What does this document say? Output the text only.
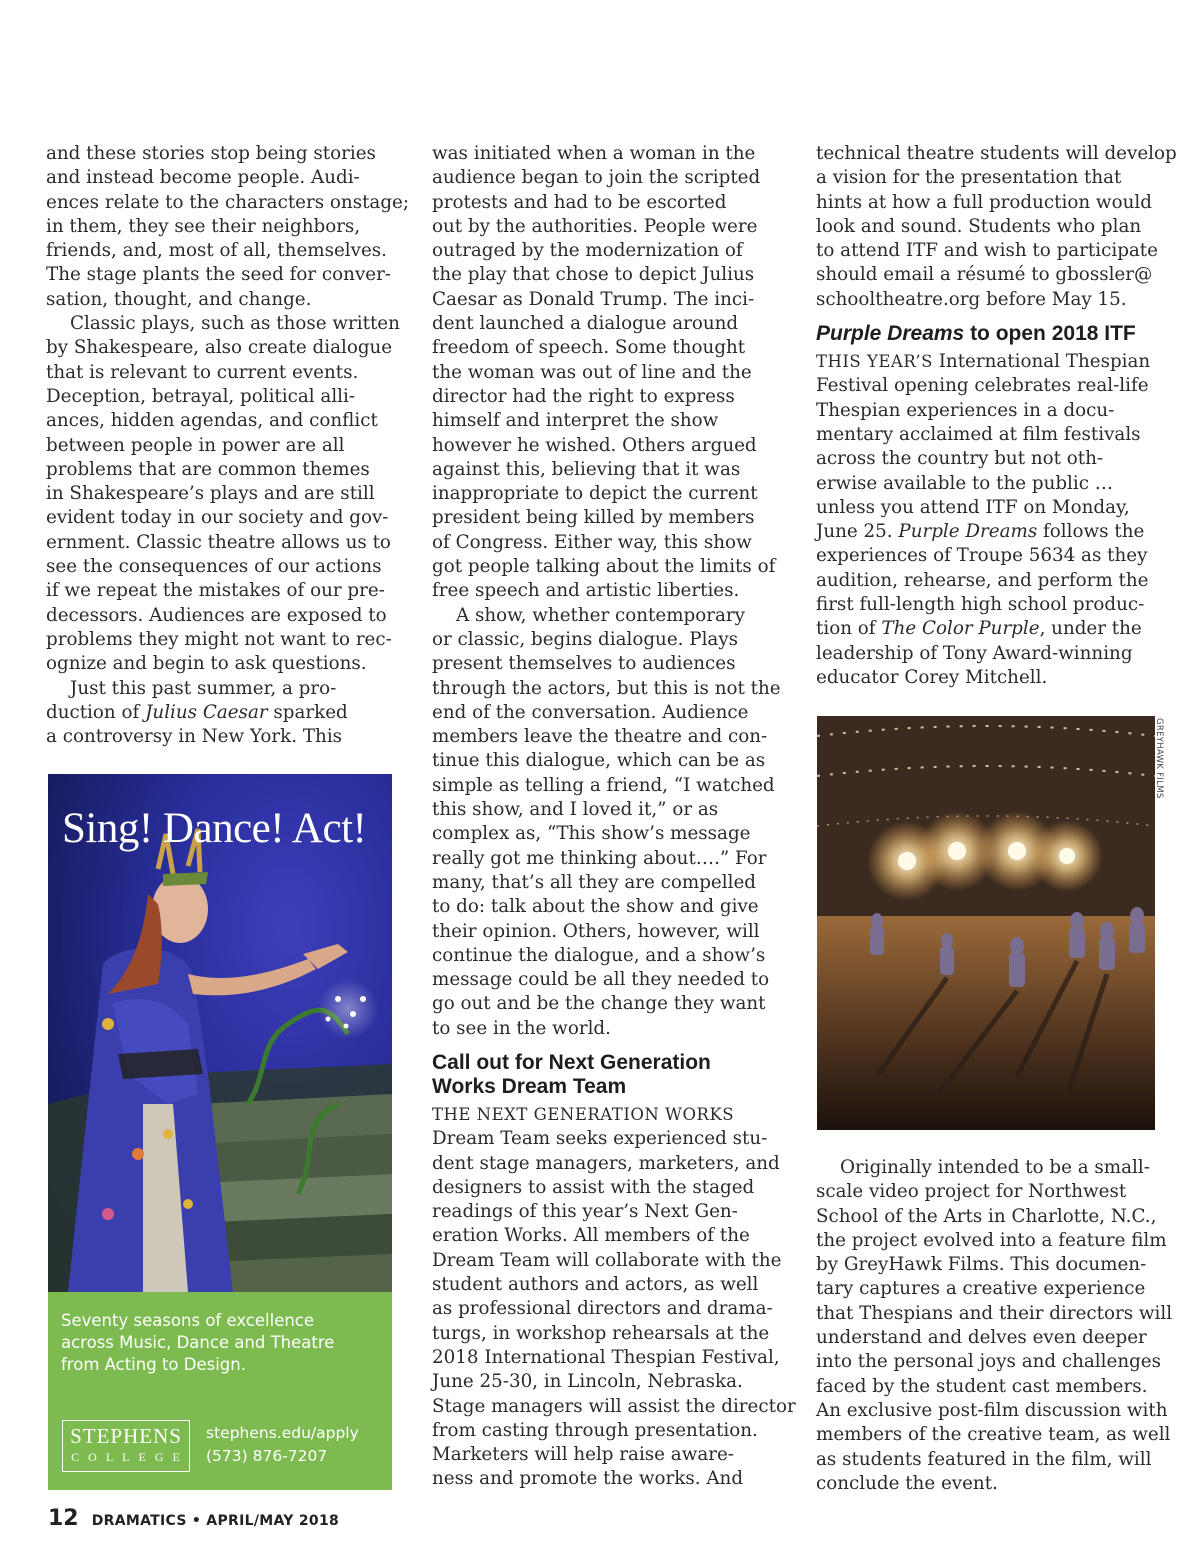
and these stories stop being stories
and instead become people. Audi-
ences relate to the characters onstage;
in them, they see their neighbors,
friends, and, most of all, themselves.
The stage plants the seed for conver-
sation, thought, and change.

Classic plays, such as those written
by Shakespeare, also create dialogue
that is relevant to current events.
Deception, betrayal, political alli-
ances, hidden agendas, and conflict
between people in power are all
problems that are common themes
in Shakespeare’s plays and are still
evident today in our society and gov-
ernment. Classic theatre allows us to
see the consequences of our actions
if we repeat the mistakes of our pre-
decessors. Audiences are exposed to
problems they might not want to rec-
ognize and begin to ask questions.

Just this past summer, a pro-
duction of Julius Caesar sparked
a controversy in New York. This

Sing! Dance! Act!

Seventy seasons of excellence
across Music, Dance and Theatre
from Acting to Design.

STEPHENS
COLLEGE
stephens.edu/apply
(573) 876-7207

was initiated when a woman in the
audience began to join the scripted
protests and had to be escorted
out by the authorities. People were
outraged by the modernization of
the play that chose to depict Julius
Caesar as Donald Trump. The inci-
dent launched a dialogue around
freedom of speech. Some thought
the woman was out of line and the
director had the right to express
himself and interpret the show
however he wished. Others argued
against this, believing that it was
inappropriate to depict the current
president being killed by members
of Congress. Either way, this show
got people talking about the limits of
free speech and artistic liberties.

A show, whether contemporary
or classic, begins dialogue. Plays
present themselves to audiences
through the actors, but this is not the
end of the conversation. Audience
members leave the theatre and con-
tinue this dialogue, which can be as
simple as telling a friend, “I watched
this show, and I loved it,” or as
complex as, “This show’s message
really got me thinking about….” For
many, that’s all they are compelled
to do: talk about the show and give
their opinion. Others, however, will
continue the dialogue, and a show’s
message could be all they needed to
go out and be the change they want
to see in the world.

Call out for Next Generation
Works Dream Team

THE NEXT GENERATION WORKS
Dream Team seeks experienced stu-
dent stage managers, marketers, and
designers to assist with the staged
readings of this year’s Next Gen-
eration Works. All members of the
Dream Team will collaborate with the
student authors and actors, as well
as professional directors and drama-
turgs, in workshop rehearsals at the
2018 International Thespian Festival,
June 25-30, in Lincoln, Nebraska.
Stage managers will assist the director
from casting through presentation.
Marketers will help raise aware-
ness and promote the works. And

technical theatre students will develop
a vision for the presentation that
hints at how a full production would
look and sound. Students who plan
to attend ITF and wish to participate
should email a résumé to gbossler@
schooltheatre.org before May 15.

Purple Dreams to open 2018 ITF

THIS YEAR’S International Thespian
Festival opening celebrates real-life
Thespian experiences in a docu-
mentary acclaimed at film festivals
across the country but not oth-
erwise available to the public …
unless you attend ITF on Monday,
June 25. Purple Dreams follows the
experiences of Troupe 5634 as they
audition, rehearse, and perform the
first full-length high school produc-
tion of The Color Purple, under the
leadership of Tony Award-winning
educator Corey Mitchell.

GREYHAWK FILMS

Originally intended to be a small-
scale video project for Northwest
School of the Arts in Charlotte, N.C.,
the project evolved into a feature film
by GreyHawk Films. This documen-
tary captures a creative experience
that Thespians and their directors will
understand and delves even deeper
into the personal joys and challenges
faced by the student cast members.
An exclusive post-film discussion with
members of the creative team, as well
as students featured in the film, will
conclude the event.

12 DRAMATICS • APRIL/MAY 2018
